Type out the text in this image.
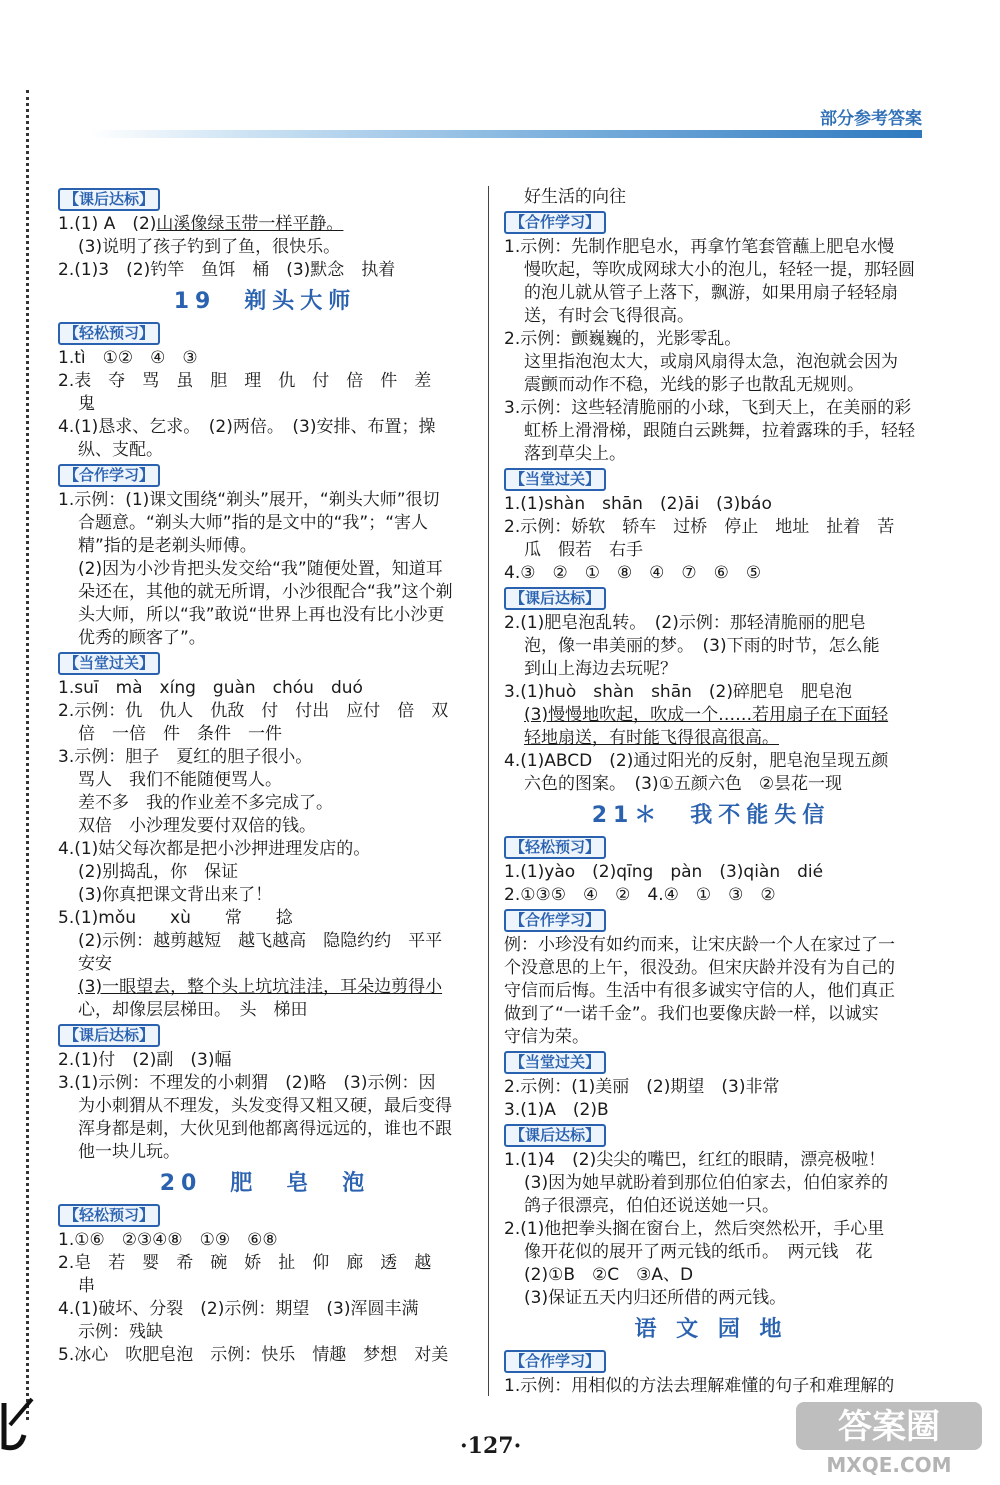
部分参考答案
【课后达标】
1.(1) A　(2)山溪像绿玉带一样平静。
(3)说明了孩子钓到了鱼，很快乐。
2.(1)3　(2)钓竿　鱼饵　桶　(3)默念　执着
19　剃头大师
【轻松预习】
1.tì　①②　④　③
2.表　夺　骂　虽　胆　理　仇　付　倍　件　差
鬼
4.(1)恳求、乞求。　(2)两倍。　(3)安排、布置；操
纵、支配。
【合作学习】
1.示例：(1)课文围绕“剃头”展开，“剃头大师”很切
合题意。“剃头大师”指的是文中的“我”；“害人
精”指的是老剃头师傅。
(2)因为小沙肯把头发交给“我”随便处置，知道耳
朵还在，其他的就无所谓，小沙很配合“我”这个剃
头大师，所以“我”敢说“世界上再也没有比小沙更
优秀的顾客了”。
【当堂过关】
1.suī　mà　xíng　guàn　chóu　duó
2.示例：仇　仇人　仇敌　付　付出　应付　倍　双
倍　一倍　件　条件　一件
3.示例：胆子　夏红的胆子很小。
骂人　我们不能随便骂人。
差不多　我的作业差不多完成了。
双倍　小沙理发要付双倍的钱。
4.(1)姑父每次都是把小沙押进理发店的。
(2)别捣乱，你　保证
(3)你真把课文背出来了！
5.(1)mǒu　　xù　　常　　捻
(2)示例：越剪越短　越飞越高　隐隐约约　平平
安安
(3)一眼望去，整个头上坑坑洼洼，耳朵边剪得小
心，却像层层梯田。　头　梯田
【课后达标】
2.(1)付　(2)副　(3)幅
3.(1)示例：不理发的小刺猬　(2)略　(3)示例：因
为小刺猬从不理发，头发变得又粗又硬，最后变得
浑身都是刺，大伙见到他都离得远远的，谁也不跟
他一块儿玩。
20　肥　皂　泡
【轻松预习】
1.①⑥　②③④⑧　①⑨　⑥⑧
2.皂　若　婴　希　碗　娇　扯　仰　廊　透　越
串
4.(1)破坏、分裂　(2)示例：期望　(3)浑圆丰满
示例：残缺
5.冰心　吹肥皂泡　示例：快乐　情趣　梦想　对美
好生活的向往
【合作学习】
1.示例：先制作肥皂水，再拿竹笔套管蘸上肥皂水慢
慢吹起，等吹成网球大小的泡儿，轻轻一提，那轻圆
的泡儿就从管子上落下，飘游，如果用扇子轻轻扇
送，有时会飞得很高。
2.示例：颤巍巍的，光影零乱。
这里指泡泡太大，或扇风扇得太急，泡泡就会因为
震颤而动作不稳，光线的影子也散乱无规则。
3.示例：这些轻清脆丽的小球，飞到天上，在美丽的彩
虹桥上滑滑梯，跟随白云跳舞，拉着露珠的手，轻轻
落到草尖上。
【当堂过关】
1.(1)shàn　shān　(2)āi　(3)báo
2.示例：娇软　轿车　过桥　停止　地址　扯着　苦
瓜　假若　右手
4.③　②　①　⑧　④　⑦　⑥　⑤
【课后达标】
2.(1)肥皂泡乱转。　(2)示例：那轻清脆丽的肥皂
泡，像一串美丽的梦。　(3)下雨的时节，怎么能
到山上海边去玩呢？
3.(1)huò　shàn　shān　(2)碎肥皂　肥皂泡
(3)慢慢地吹起，吹成一个……若用扇子在下面轻
轻地扇送，有时能飞得很高很高。
4.(1)ABCD　(2)通过阳光的反射，肥皂泡呈现五颜
六色的图案。　(3)①五颜六色　②昙花一现
21＊　我不能失信
【轻松预习】
1.(1)yào　(2)qīng　pàn　(3)qiàn　dié
2.①③⑤　④　②　4.④　①　③　②
【合作学习】
例：小珍没有如约而来，让宋庆龄一个人在家过了一
个没意思的上午，很没劲。但宋庆龄并没有为自己的
守信而后悔。生活中有很多诚实守信的人，他们真正
做到了“一诺千金”。我们也要像庆龄一样，以诚实
守信为荣。
【当堂过关】
2.示例：(1)美丽　(2)期望　(3)非常
3.(1)A　(2)B
【课后达标】
1.(1)4　(2)尖尖的嘴巴，红红的眼睛，漂亮极啦！
(3)因为她早就盼着到那位伯伯家去，伯伯家养的
鸽子很漂亮，伯伯还说送她一只。
2.(1)他把拳头搁在窗台上，然后突然松开，手心里
像开花似的展开了两元钱的纸币。　两元钱　花
(2)①B　②C　③A、D
(3)保证五天内归还所借的两元钱。
语 文 园 地
【合作学习】
1.示例：用相似的方法去理解难懂的句子和难理解的
·127·	答案圈
MXQE.COM
